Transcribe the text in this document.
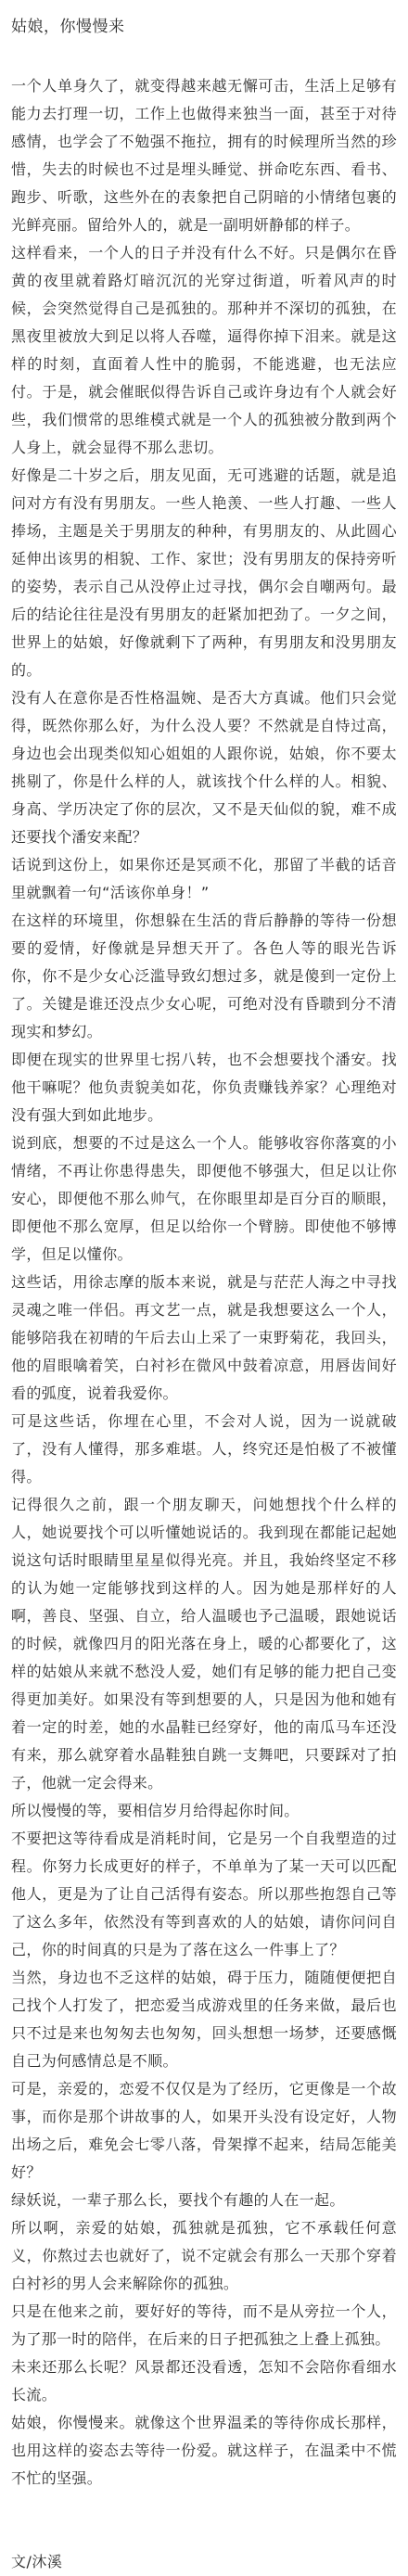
姑娘，你慢慢来

一个人单身久了，就变得越来越无懈可击，生活上足够有能力去打理一切，工作上也做得来独当一面，甚至于对待感情，也学会了不勉强不拖拉，拥有的时候理所当然的珍惜，失去的时候也不过是埋头睡觉、拼命吃东西、看书、跑步、听歌，这些外在的表象把自己阴暗的小情绪包裹的光鲜亮丽。留给外人的，就是一副明妍静郁的样子。

这样看来，一个人的日子并没有什么不好。只是偶尔在昏黄的夜里就着路灯暗沉沉的光穿过街道，听着风声的时候，会突然觉得自己是孤独的。那种并不深切的孤独，在黑夜里被放大到足以将人吞噬，逼得你掉下泪来。就是这样的时刻，直面着人性中的脆弱，不能逃避，也无法应付。于是，就会催眠似得告诉自己或许身边有个人就会好些，我们惯常的思维模式就是一个人的孤独被分散到两个人身上，就会显得不那么悲切。

好像是二十岁之后，朋友见面，无可逃避的话题，就是追问对方有没有男朋友。一些人艳羡、一些人打趣、一些人捧场，主题是关于男朋友的种种，有男朋友的、从此圆心延伸出该男的相貌、工作、家世；没有男朋友的保持旁听的姿势，表示自己从没停止过寻找，偶尔会自嘲两句。最后的结论往往是没有男朋友的赶紧加把劲了。一夕之间，世界上的姑娘，好像就剩下了两种，有男朋友和没男朋友的。

没有人在意你是否性格温婉、是否大方真诚。他们只会觉得，既然你那么好，为什么没人要？不然就是自恃过高，身边也会出现类似知心姐姐的人跟你说，姑娘，你不要太挑剔了，你是什么样的人，就该找个什么样的人。相貌、身高、学历决定了你的层次，又不是天仙似的貌，难不成还要找个潘安来配？

话说到这份上，如果你还是冥顽不化，那留了半截的话音里就飘着一句“活该你单身！”

在这样的环境里，你想躲在生活的背后静静的等待一份想要的爱情，好像就是异想天开了。各色人等的眼光告诉你，你不是少女心泛滥导致幻想过多，就是傻到一定份上了。关键是谁还没点少女心呢，可绝对没有昏聩到分不清现实和梦幻。

即便在现实的世界里七拐八转，也不会想要找个潘安。找他干嘛呢？他负责貌美如花，你负责赚钱养家？心理绝对没有强大到如此地步。

说到底，想要的不过是这么一个人。能够收容你落寞的小情绪，不再让你患得患失，即便他不够强大，但足以让你安心，即便他不那么帅气，在你眼里却是百分百的顺眼，即便他不那么宽厚，但足以给你一个臂膀。即使他不够博学，但足以懂你。

这些话，用徐志摩的版本来说，就是与茫茫人海之中寻找灵魂之唯一伴侣。再文艺一点，就是我想要这么一个人，能够陪我在初晴的午后去山上采了一束野菊花，我回头，他的眉眼噙着笑，白衬衫在微风中鼓着凉意，用唇齿间好看的弧度，说着我爱你。

可是这些话，你埋在心里，不会对人说，因为一说就破了，没有人懂得，那多难堪。人，终究还是怕极了不被懂得。

记得很久之前，跟一个朋友聊天，问她想找个什么样的人，她说要找个可以听懂她说话的。我到现在都能记起她说这句话时眼睛里星星似得光亮。并且，我始终坚定不移的认为她一定能够找到这样的人。因为她是那样好的人啊，善良、坚强、自立，给人温暖也予己温暖，跟她说话的时候，就像四月的阳光落在身上，暖的心都要化了，这样的姑娘从来就不愁没人爱，她们有足够的能力把自己变得更加美好。如果没有等到想要的人，只是因为他和她有着一定的时差，她的水晶鞋已经穿好，他的南瓜马车还没有来，那么就穿着水晶鞋独自跳一支舞吧，只要踩对了拍子，他就一定会得来。

所以慢慢的等，要相信岁月给得起你时间。

不要把这等待看成是消耗时间，它是另一个自我塑造的过程。你努力长成更好的样子，不单单为了某一天可以匹配他人，更是为了让自己活得有姿态。所以那些抱怨自己等了这么多年，依然没有等到喜欢的人的姑娘，请你问问自己，你的时间真的只是为了落在这么一件事上了？

当然，身边也不乏这样的姑娘，碍于压力，随随便便把自己找个人打发了，把恋爱当成游戏里的任务来做，最后也只不过是来也匆匆去也匆匆，回头想想一场梦，还要感慨自己为何感情总是不顺。

可是，亲爱的，恋爱不仅仅是为了经历，它更像是一个故事，而你是那个讲故事的人，如果开头没有设定好，人物出场之后，难免会七零八落，骨架撑不起来，结局怎能美好？

绿妖说，一辈子那么长，要找个有趣的人在一起。

所以啊，亲爱的姑娘，孤独就是孤独，它不承载任何意义，你熬过去也就好了，说不定就会有那么一天那个穿着白衬衫的男人会来解除你的孤独。

只是在他来之前，要好好的等待，而不是从旁拉一个人，为了那一时的陪伴，在后来的日子把孤独之上叠上孤独。

未来还那么长呢？风景都还没看透，怎知不会陪你看细水长流。

姑娘，你慢慢来。就像这个世界温柔的等待你成长那样，也用这样的姿态去等待一份爱。就这样子，在温柔中不慌不忙的坚强。

文/沐溪
